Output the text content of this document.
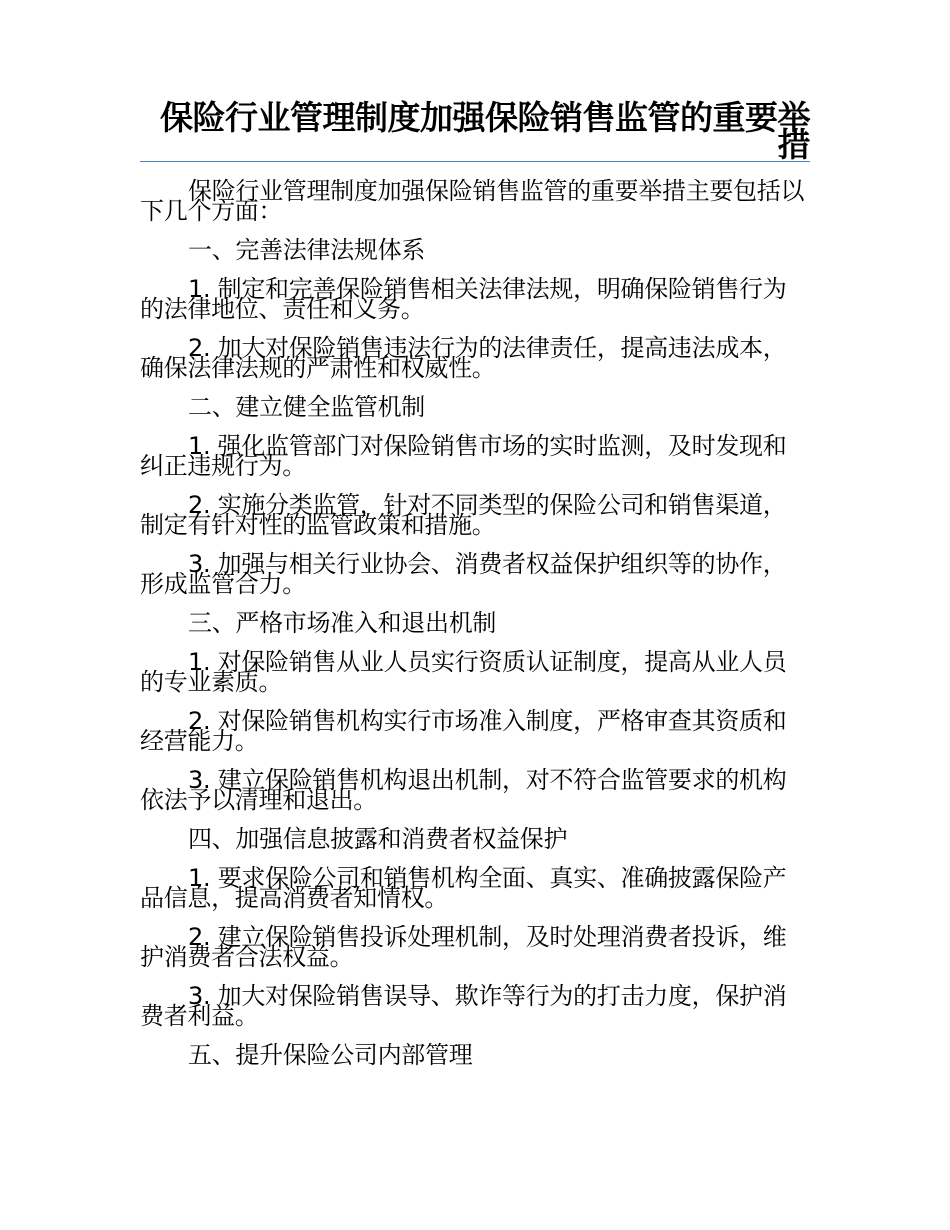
保险行业管理制度加强保险销售监管的重要举措

保险行业管理制度加强保险销售监管的重要举措主要包括以下几个方面：

一、完善法律法规体系

1. 制定和完善保险销售相关法律法规，明确保险销售行为的法律地位、责任和义务。

2. 加大对保险销售违法行为的法律责任，提高违法成本，确保法律法规的严肃性和权威性。

二、建立健全监管机制

1. 强化监管部门对保险销售市场的实时监测，及时发现和纠正违规行为。

2. 实施分类监管，针对不同类型的保险公司和销售渠道，制定有针对性的监管政策和措施。

3. 加强与相关行业协会、消费者权益保护组织等的协作，形成监管合力。

三、严格市场准入和退出机制

1. 对保险销售从业人员实行资质认证制度，提高从业人员的专业素质。

2. 对保险销售机构实行市场准入制度，严格审查其资质和经营能力。

3. 建立保险销售机构退出机制，对不符合监管要求的机构依法予以清理和退出。

四、加强信息披露和消费者权益保护

1. 要求保险公司和销售机构全面、真实、准确披露保险产品信息，提高消费者知情权。

2. 建立保险销售投诉处理机制，及时处理消费者投诉，维护消费者合法权益。

3. 加大对保险销售误导、欺诈等行为的打击力度，保护消费者利益。

五、提升保险公司内部管理
